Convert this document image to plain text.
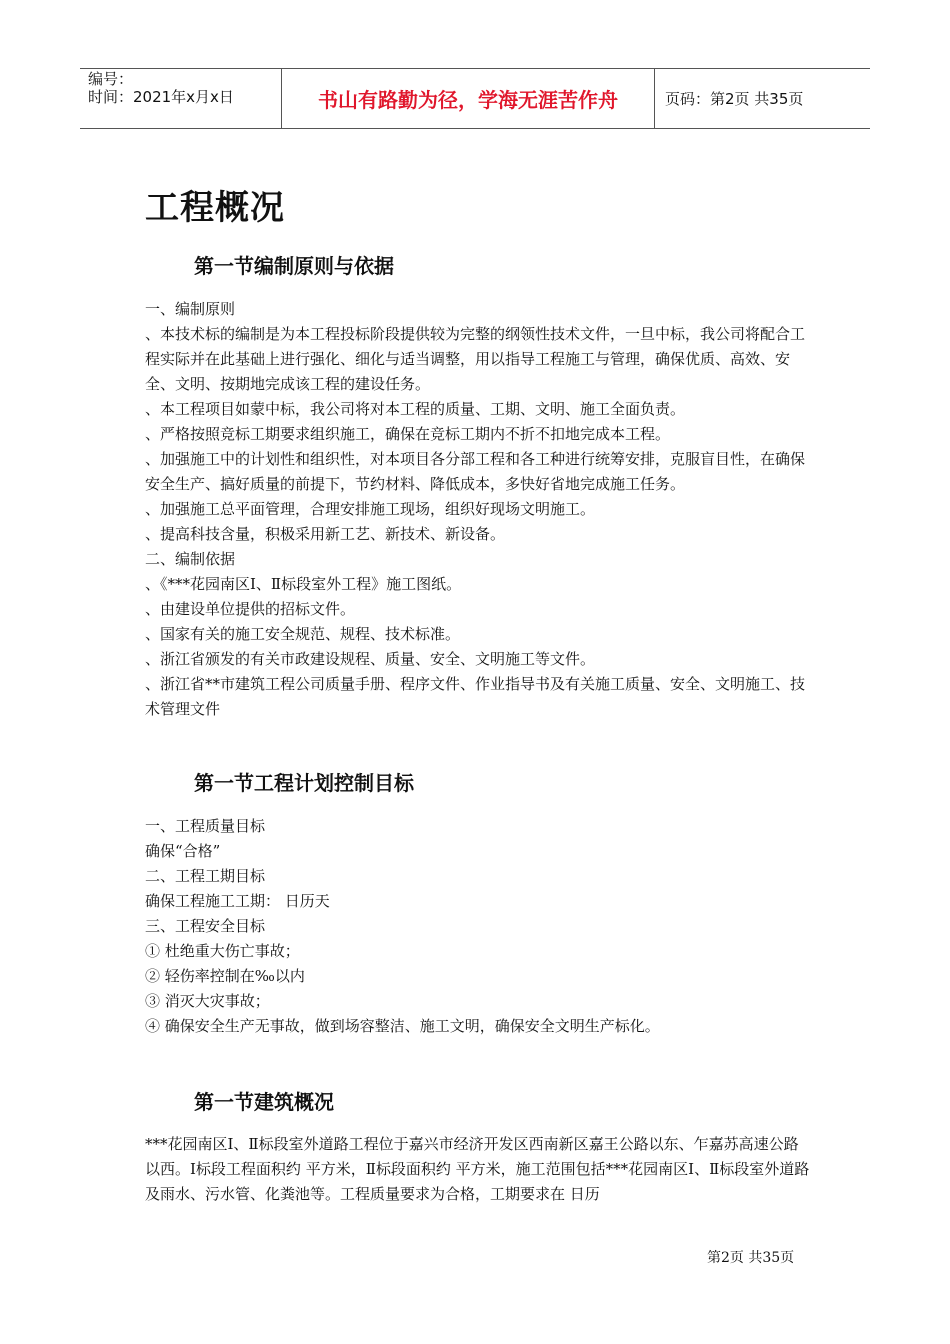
编号：
时间：2021年x月x日	书山有路勤为径，学海无涯苦作舟	页码：第2页 共35页
工程概况
第一节编制原则与依据

一、编制原则

、本技术标的编制是为本工程投标阶段提供较为完整的纲领性技术文件，一旦中标，我公司将配合工程实际并在此基础上进行强化、细化与适当调整，用以指导工程施工与管理，确保优质、高效、安全、文明、按期地完成该工程的建设任务。

、本工程项目如蒙中标，我公司将对本工程的质量、工期、文明、施工全面负责。

、严格按照竞标工期要求组织施工，确保在竞标工期内不折不扣地完成本工程。

、加强施工中的计划性和组织性，对本项目各分部工程和各工种进行统筹安排，克服盲目性，在确保安全生产、搞好质量的前提下，节约材料、降低成本，多快好省地完成施工任务。

、加强施工总平面管理，合理安排施工现场，组织好现场文明施工。

、提高科技含量，积极采用新工艺、新技术、新设备。

二、编制依据

、《***花园南区Ⅰ、Ⅱ标段室外工程》施工图纸。

、由建设单位提供的招标文件。

、国家有关的施工安全规范、规程、技术标准。

、浙江省颁发的有关市政建设规程、质量、安全、文明施工等文件。

、浙江省**市建筑工程公司质量手册、程序文件、作业指导书及有关施工质量、安全、文明施工、技术管理文件

第一节工程计划控制目标

一、工程质量目标

确保“合格”

二、工程工期目标

确保工程施工工期： 日历天

三、工程安全目标

① 杜绝重大伤亡事故；

② 轻伤率控制在‰以内

③ 消灭大灾事故；

④ 确保安全生产无事故，做到场容整洁、施工文明，确保安全文明生产标化。

第一节建筑概况

***花园南区Ⅰ、Ⅱ标段室外道路工程位于嘉兴市经济开发区西南新区嘉王公路以东、乍嘉苏高速公路以西。Ⅰ标段工程面积约 平方米，Ⅱ标段面积约 平方米，施工范围包括***花园南区Ⅰ、Ⅱ标段室外道路及雨水、污水管、化粪池等。工程质量要求为合格，工期要求在 日历

第2页 共35页
